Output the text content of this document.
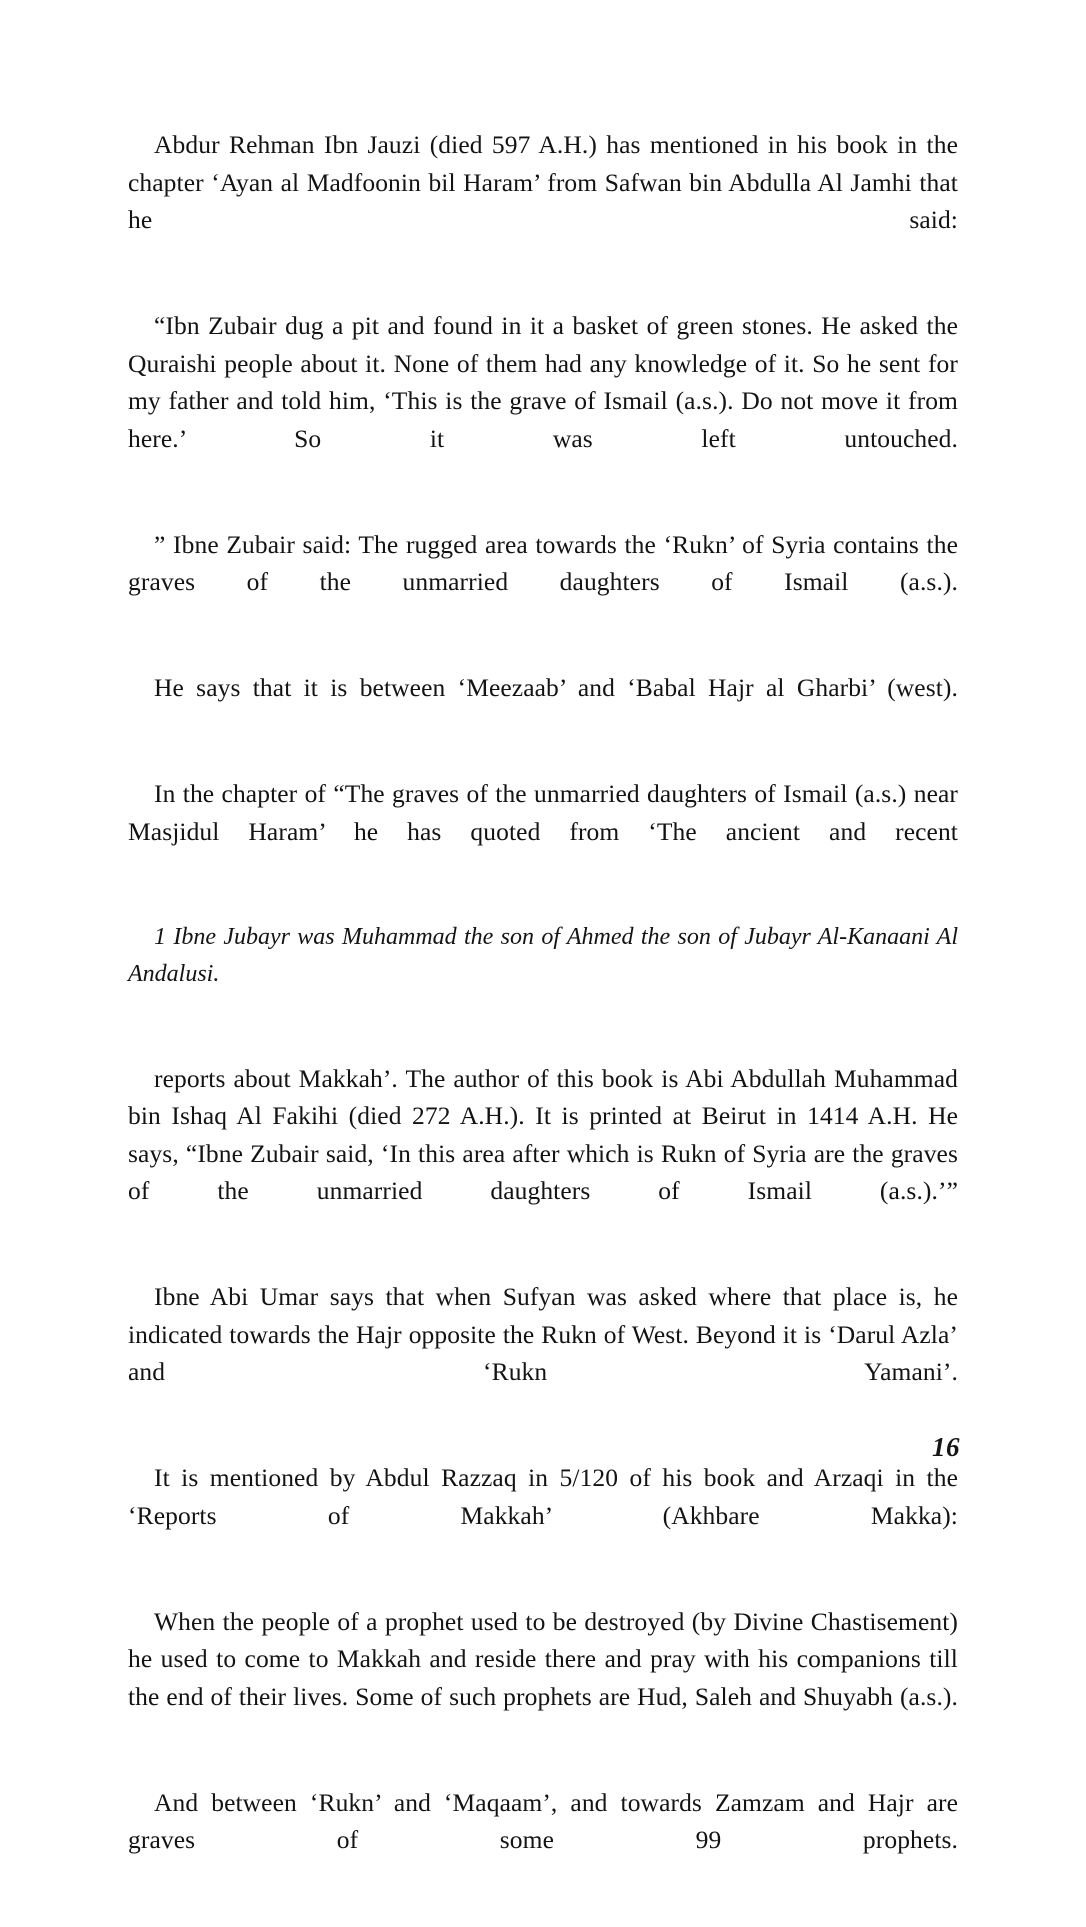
Abdur Rehman Ibn Jauzi (died 597 A.H.) has mentioned in his book in the chapter ‘Ayan al Madfoonin bil Haram’ from Safwan bin Abdulla Al Jamhi that he said:

“Ibn Zubair dug a pit and found in it a basket of green stones. He asked the Quraishi people about it. None of them had any knowledge of it. So he sent for my father and told him, ‘This is the grave of Ismail (a.s.). Do not move it from here.’ So it was left untouched.

” Ibne Zubair said: The rugged area towards the ‘Rukn’ of Syria contains the graves of the unmarried daughters of Ismail (a.s.).

He says that it is between ‘Meezaab’ and ‘Babal Hajr al Gharbi’ (west).

In the chapter of “The graves of the unmarried daughters of Ismail (a.s.) near Masjidul Haram’ he has quoted from ‘The ancient and recent

1 Ibne Jubayr was Muhammad the son of Ahmed the son of Jubayr Al-Kanaani Al Andalusi.

reports about Makkah’. The author of this book is Abi Abdullah Muhammad bin Ishaq Al Fakihi (died 272 A.H.). It is printed at Beirut in 1414 A.H. He says, “Ibne Zubair said, ‘In this area after which is Rukn of Syria are the graves of the unmarried daughters of Ismail (a.s.).’”

Ibne Abi Umar says that when Sufyan was asked where that place is, he indicated towards the Hajr opposite the Rukn of West. Beyond it is ‘Darul Azla’ and ‘Rukn Yamani’.

It is mentioned by Abdul Razzaq in 5/120 of his book and Arzaqi in the ‘Reports of Makkah’ (Akhbare Makka):

When the people of a prophet used to be destroyed (by Divine Chastisement) he used to come to Makkah and reside there and pray with his companions till the end of their lives. Some of such prophets are Hud, Saleh and Shuyabh (a.s.).

And between ‘Rukn’ and ‘Maqaam’, and towards Zamzam and Hajr are graves of some 99 prophets.

16
